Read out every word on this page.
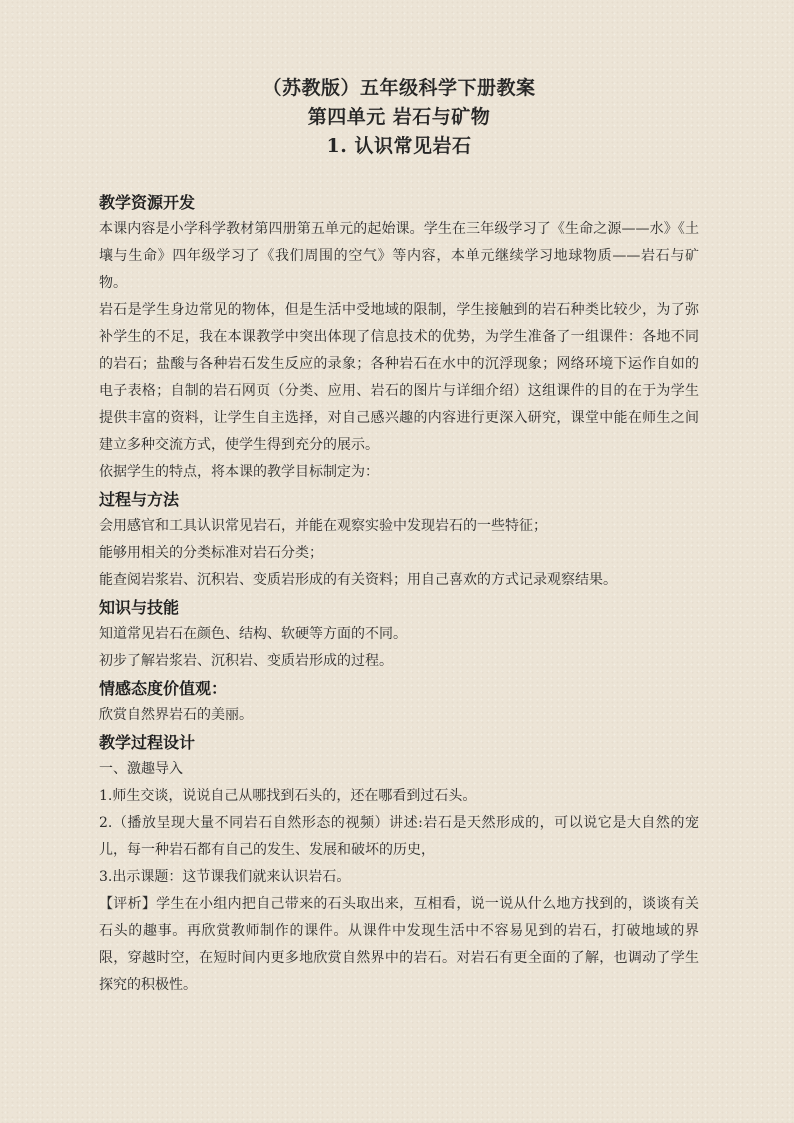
（苏教版）五年级科学下册教案
第四单元 岩石与矿物
1. 认识常见岩石

教学资源开发

本课内容是小学科学教材第四册第五单元的起始课。学生在三年级学习了《生命之源——水》《土壤与生命》四年级学习了《我们周围的空气》等内容，本单元继续学习地球物质——岩石与矿物。

岩石是学生身边常见的物体，但是生活中受地域的限制，学生接触到的岩石种类比较少，为了弥补学生的不足，我在本课教学中突出体现了信息技术的优势，为学生准备了一组课件：各地不同的岩石；盐酸与各种岩石发生反应的录象；各种岩石在水中的沉浮现象；网络环境下运作自如的电子表格；自制的岩石网页（分类、应用、岩石的图片与详细介绍）这组课件的目的在于为学生提供丰富的资料，让学生自主选择，对自己感兴趣的内容进行更深入研究，课堂中能在师生之间建立多种交流方式，使学生得到充分的展示。

依据学生的特点，将本课的教学目标制定为：

过程与方法

会用感官和工具认识常见岩石，并能在观察实验中发现岩石的一些特征；

能够用相关的分类标准对岩石分类；

能查阅岩浆岩、沉积岩、变质岩形成的有关资料；用自己喜欢的方式记录观察结果。

知识与技能

知道常见岩石在颜色、结构、软硬等方面的不同。

初步了解岩浆岩、沉积岩、变质岩形成的过程。

情感态度价值观：

欣赏自然界岩石的美丽。

教学过程设计

一、激趣导入

1.师生交谈，说说自己从哪找到石头的，还在哪看到过石头。

2.（播放呈现大量不同岩石自然形态的视频）讲述:岩石是天然形成的，可以说它是大自然的宠儿，每一种岩石都有自己的发生、发展和破坏的历史，

3.出示课题：这节课我们就来认识岩石。

【评析】学生在小组内把自己带来的石头取出来，互相看，说一说从什么地方找到的，谈谈有关石头的趣事。再欣赏教师制作的课件。从课件中发现生活中不容易见到的岩石，打破地域的界限，穿越时空，在短时间内更多地欣赏自然界中的岩石。对岩石有更全面的了解，也调动了学生探究的积极性。
